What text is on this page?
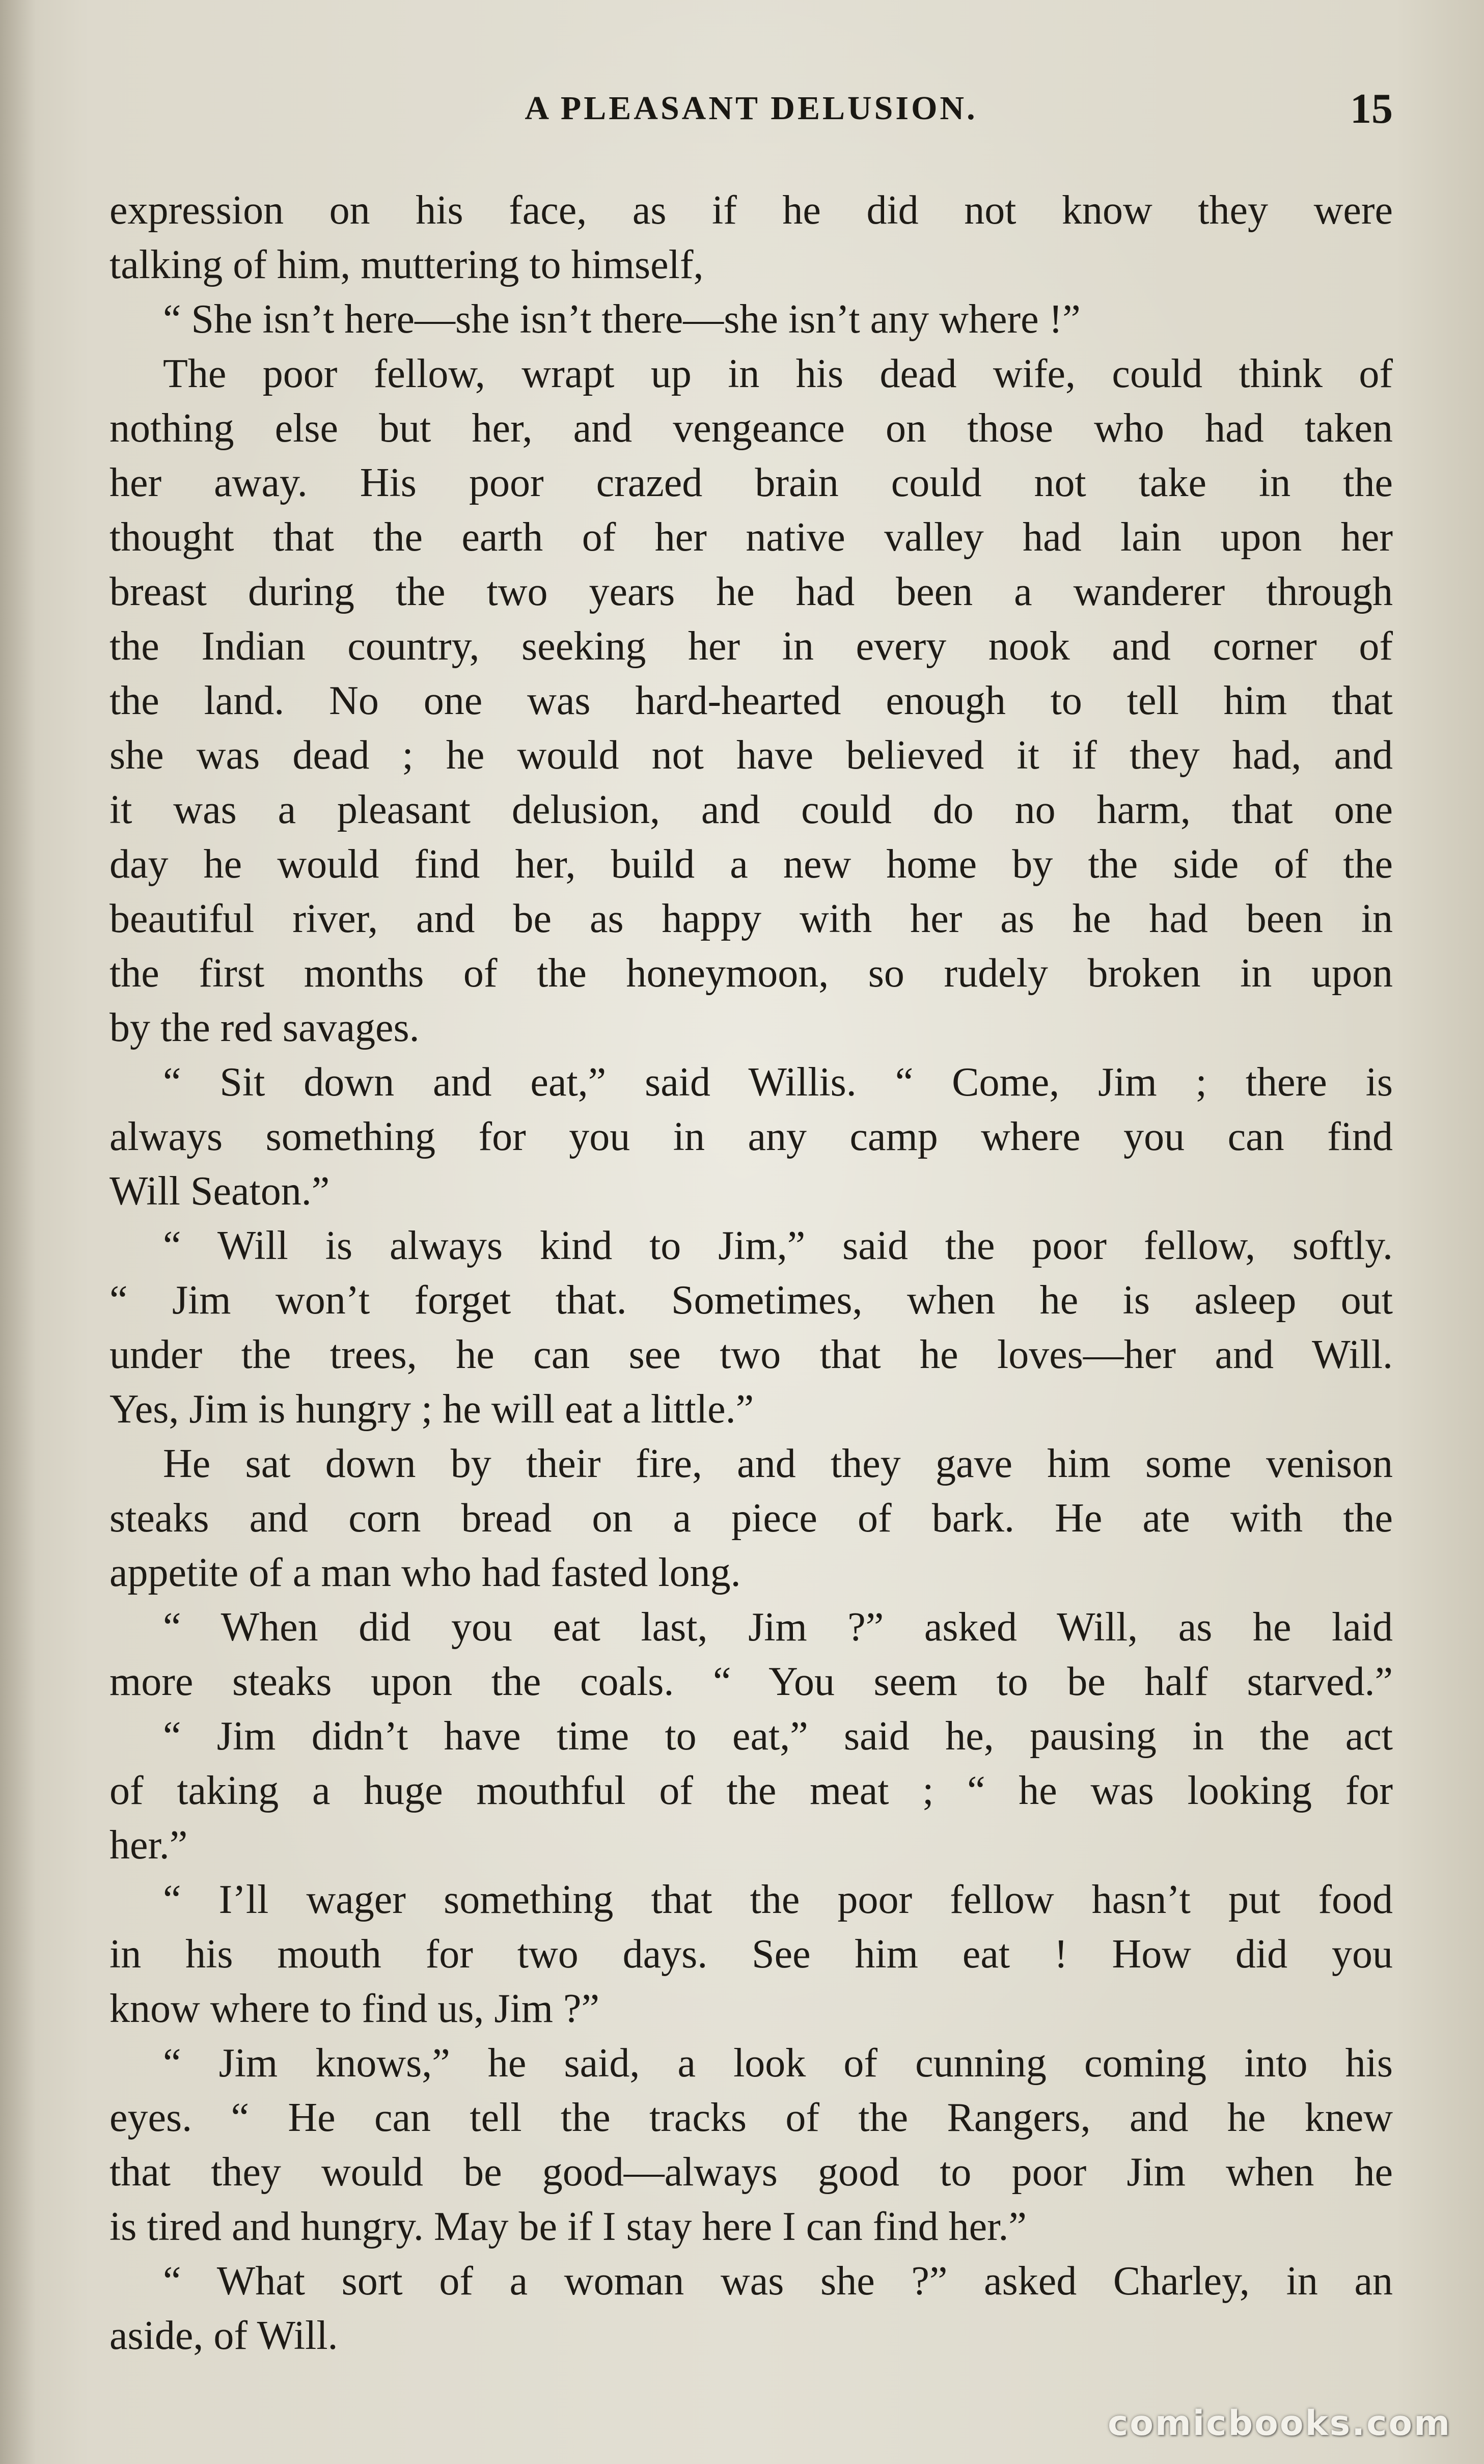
A PLEASANT DELUSION.	15
expression on his face, as if he did not know they were
talking of him, muttering to himself,
“ She isn’t here—she isn’t there—she isn’t any where !”
The poor fellow, wrapt up in his dead wife, could think of
nothing else but her, and vengeance on those who had taken
her away. His poor crazed brain could not take in the
thought that the earth of her native valley had lain upon her
breast during the two years he had been a wanderer through
the Indian country, seeking her in every nook and corner of
the land. No one was hard-hearted enough to tell him that
she was dead ; he would not have believed it if they had, and
it was a pleasant delusion, and could do no harm, that one
day he would find her, build a new home by the side of the
beautiful river, and be as happy with her as he had been in
the first months of the honeymoon, so rudely broken in upon
by the red savages.
“ Sit down and eat,” said Willis. “ Come, Jim ; there is
always something for you in any camp where you can find
Will Seaton.”
“ Will is always kind to Jim,” said the poor fellow, softly.
“ Jim won’t forget that. Sometimes, when he is asleep out
under the trees, he can see two that he loves—her and Will.
Yes, Jim is hungry ; he will eat a little.”
He sat down by their fire, and they gave him some venison
steaks and corn bread on a piece of bark. He ate with the
appetite of a man who had fasted long.
“ When did you eat last, Jim ?” asked Will, as he laid
more steaks upon the coals. “ You seem to be half starved.”
“ Jim didn’t have time to eat,” said he, pausing in the act
of taking a huge mouthful of the meat ; “ he was looking for
her.”
“ I’ll wager something that the poor fellow hasn’t put food
in his mouth for two days. See him eat ! How did you
know where to find us, Jim ?”
“ Jim knows,” he said, a look of cunning coming into his
eyes. “ He can tell the tracks of the Rangers, and he knew
that they would be good—always good to poor Jim when he
is tired and hungry. May be if I stay here I can find her.”
“ What sort of a woman was she ?” asked Charley, in an
aside, of Will.
comicbooks.com
